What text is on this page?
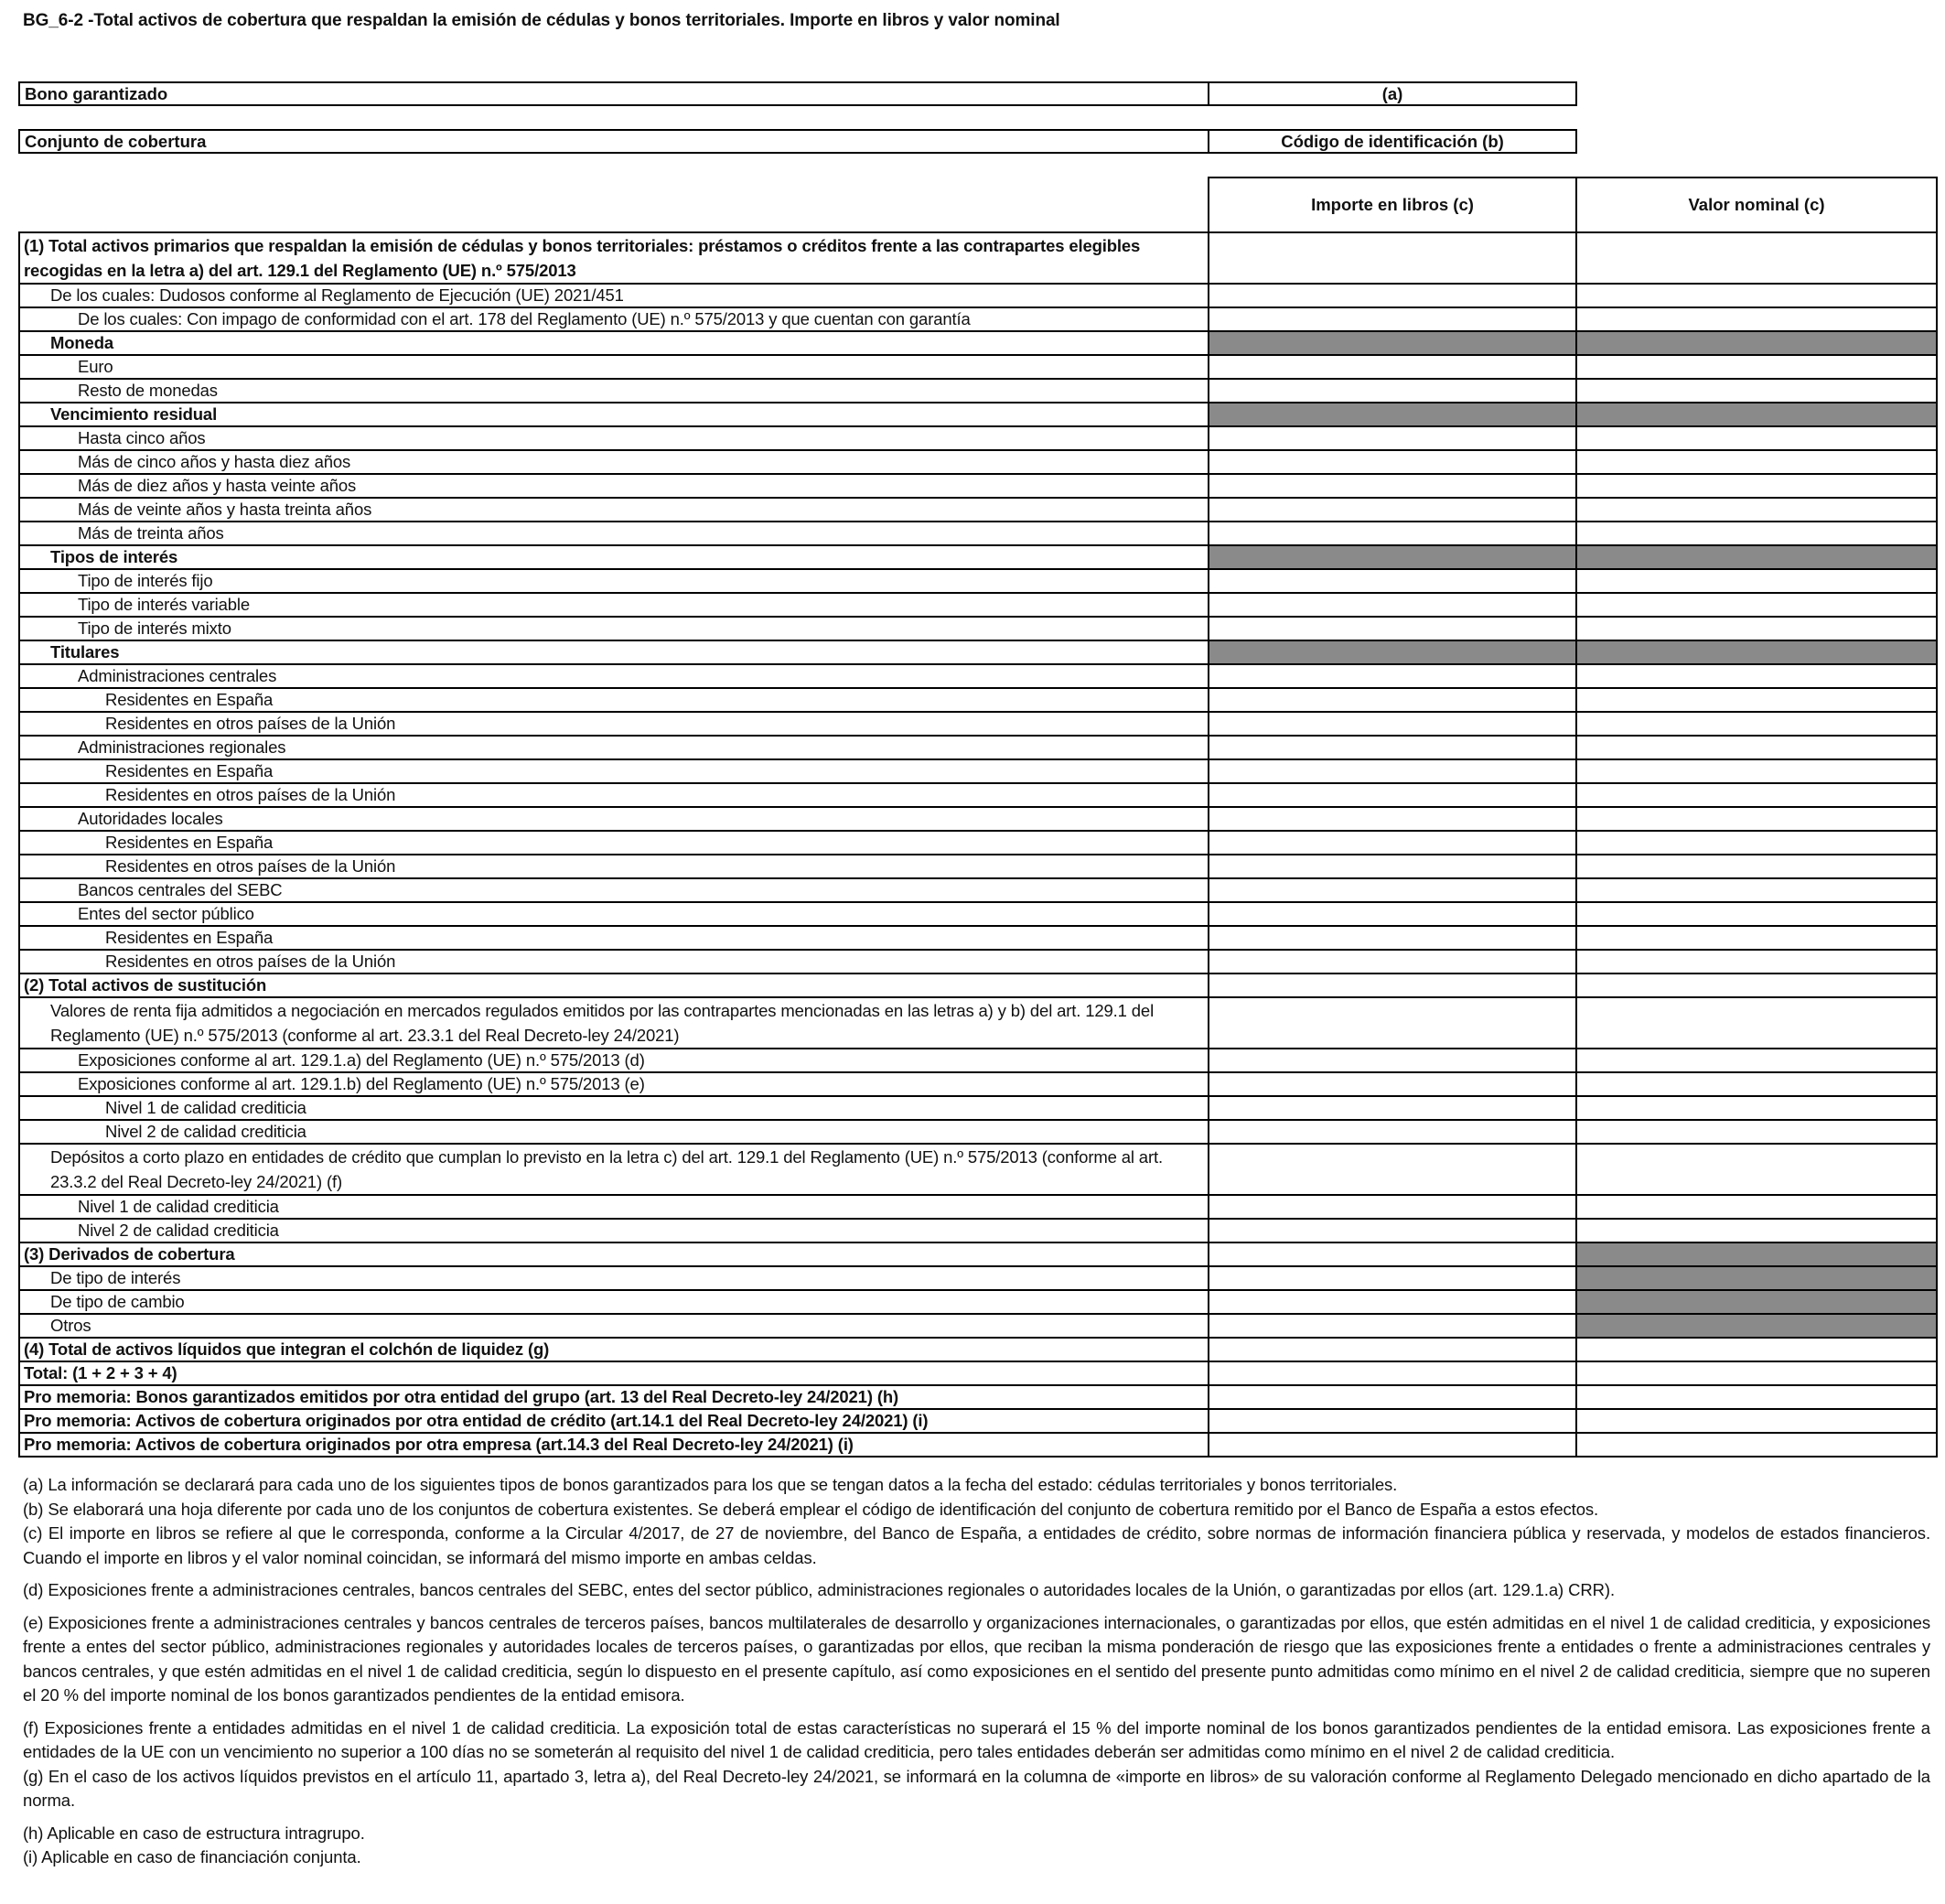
BG_6-2 -Total activos de cobertura que respaldan la emisión de cédulas y bonos territoriales. Importe en libros y valor nominal
Bono garantizado	(a)
Conjunto de cobertura	Código de identificación (b)
	Importe en libros (c)	Valor nominal (c)
(1) Total activos primarios que respaldan la emisión de cédulas y bonos territoriales: préstamos o créditos frente a las contrapartes elegibles recogidas en la letra a) del art. 129.1 del Reglamento (UE) n.º 575/2013		
De los cuales: Dudosos conforme al Reglamento de Ejecución (UE) 2021/451		
De los cuales: Con impago de conformidad con el art. 178 del Reglamento (UE) n.º 575/2013 y que cuentan con garantía		
Moneda		
Euro		
Resto de monedas		
Vencimiento residual		
Hasta cinco años		
Más de cinco años y hasta diez años		
Más de diez años y hasta veinte años		
Más de veinte años y hasta treinta años		
Más de treinta años		
Tipos de interés		
Tipo de interés fijo		
Tipo de interés variable		
Tipo de interés mixto		
Titulares		
Administraciones centrales		
Residentes en España		
Residentes en otros países de la Unión		
Administraciones regionales		
Residentes en España		
Residentes en otros países de la Unión		
Autoridades locales		
Residentes en España		
Residentes en otros países de la Unión		
Bancos centrales del SEBC		
Entes del sector público		
Residentes en España		
Residentes en otros países de la Unión		
(2) Total activos de sustitución		
Valores de renta fija admitidos a negociación en mercados regulados emitidos por las contrapartes mencionadas en las letras a) y b) del art. 129.1 del Reglamento (UE) n.º 575/2013 (conforme al art. 23.3.1 del Real Decreto-ley 24/2021)		
Exposiciones conforme al art. 129.1.a) del Reglamento (UE) n.º 575/2013 (d)		
Exposiciones conforme al art. 129.1.b) del Reglamento (UE) n.º 575/2013 (e)		
Nivel 1 de calidad crediticia		
Nivel 2 de calidad crediticia		
Depósitos a corto plazo en entidades de crédito que cumplan lo previsto en la letra c) del art. 129.1 del Reglamento (UE) n.º 575/2013 (conforme al art. 23.3.2 del Real Decreto-ley 24/2021) (f)		
Nivel 1 de calidad crediticia		
Nivel 2 de calidad crediticia		
(3) Derivados de cobertura		
De tipo de interés		
De tipo de cambio		
Otros		
(4) Total de activos líquidos que integran el colchón de liquidez (g)		
Total: (1 + 2 + 3 + 4)		
Pro memoria: Bonos garantizados emitidos por otra entidad del grupo (art. 13 del Real Decreto-ley 24/2021) (h)		
Pro memoria: Activos de cobertura originados por otra entidad de crédito (art.14.1 del Real Decreto-ley 24/2021) (i)		
Pro memoria: Activos de cobertura originados por otra empresa (art.14.3 del Real Decreto-ley 24/2021) (i)		

(a) La información se declarará para cada uno de los siguientes tipos de bonos garantizados para los que se tengan datos a la fecha del estado: cédulas territoriales y bonos territoriales.

(b) Se elaborará una hoja diferente por cada uno de los conjuntos de cobertura existentes. Se deberá emplear el código de identificación del conjunto de cobertura remitido por el Banco de España a estos efectos.

(c) El importe en libros se refiere al que le corresponda, conforme a la Circular 4/2017, de 27 de noviembre, del Banco de España, a entidades de crédito, sobre normas de información financiera pública y reservada, y modelos de estados financieros. Cuando el importe en libros y el valor nominal coincidan, se informará del mismo importe en ambas celdas.

(d) Exposiciones frente a administraciones centrales, bancos centrales del SEBC, entes del sector público, administraciones regionales o autoridades locales de la Unión, o garantizadas por ellos (art. 129.1.a) CRR).

(e) Exposiciones frente a administraciones centrales y bancos centrales de terceros países, bancos multilaterales de desarrollo y organizaciones internacionales, o garantizadas por ellos, que estén admitidas en el nivel 1 de calidad crediticia, y exposiciones frente a entes del sector público, administraciones regionales y autoridades locales de terceros países, o garantizadas por ellos, que reciban la misma ponderación de riesgo que las exposiciones frente a entidades o frente a administraciones centrales y bancos centrales, y que estén admitidas en el nivel 1 de calidad crediticia, según lo dispuesto en el presente capítulo, así como exposiciones en el sentido del presente punto admitidas como mínimo en el nivel 2 de calidad crediticia, siempre que no superen el 20 % del importe nominal de los bonos garantizados pendientes de la entidad emisora.

(f) Exposiciones frente a entidades admitidas en el nivel 1 de calidad crediticia. La exposición total de estas características no superará el 15 % del importe nominal de los bonos garantizados pendientes de la entidad emisora. Las exposiciones frente a entidades de la UE con un vencimiento no superior a 100 días no se someterán al requisito del nivel 1 de calidad crediticia, pero tales entidades deberán ser admitidas como mínimo en el nivel 2 de calidad crediticia.

(g) En el caso de los activos líquidos previstos en el artículo 11, apartado 3, letra a), del Real Decreto-ley 24/2021, se informará en la columna de «importe en libros» de su valoración conforme al Reglamento Delegado mencionado en dicho apartado de la norma.

(h) Aplicable en caso de estructura intragrupo.

(i) Aplicable en caso de financiación conjunta.
